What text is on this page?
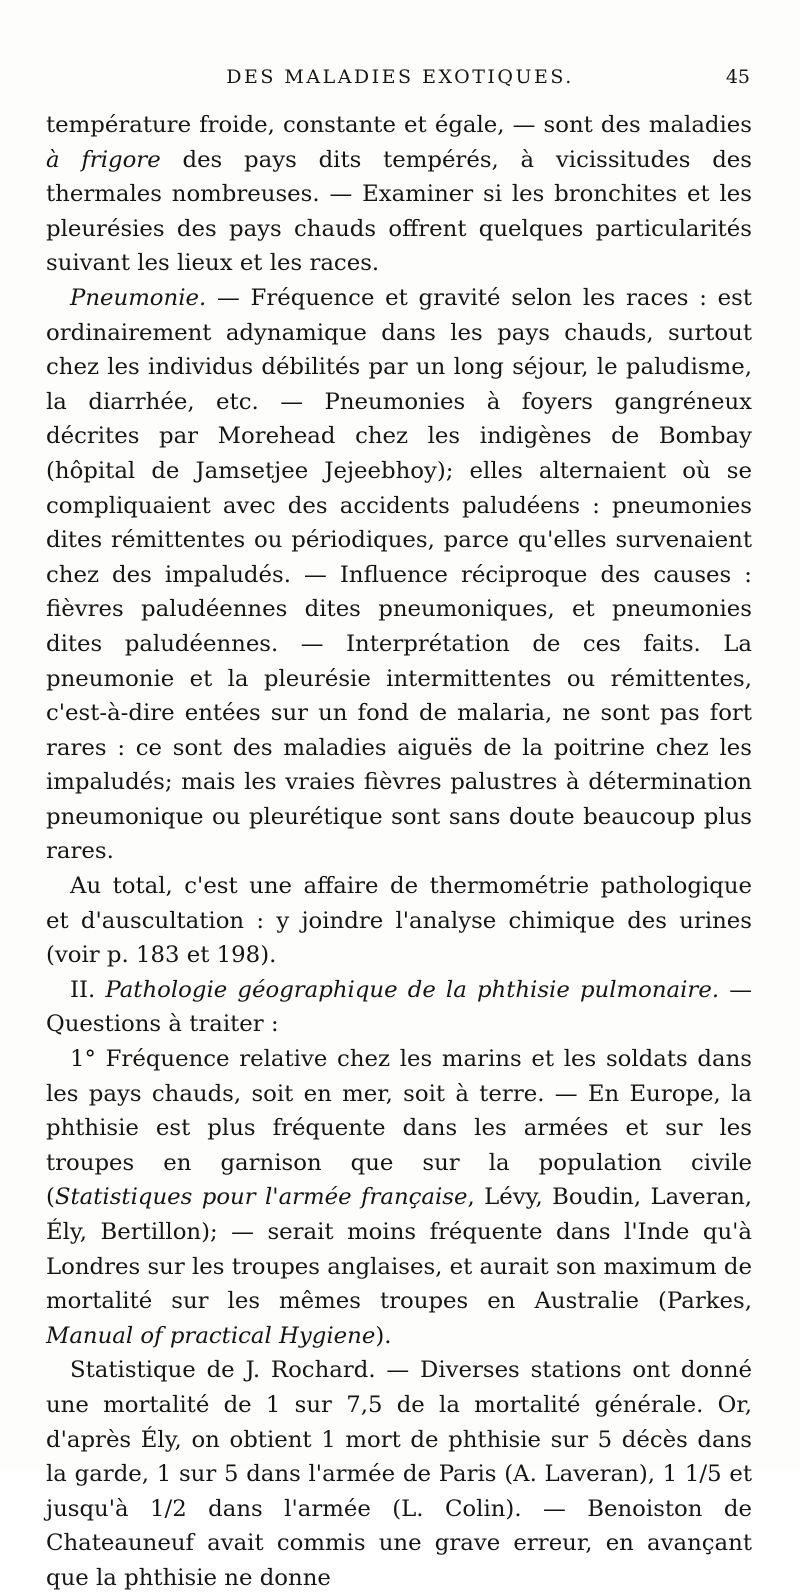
DES MALADIES EXOTIQUES.	45

température froide, constante et égale, — sont des maladies à frigore des pays dits tempérés, à vicissitudes des thermales nombreuses. — Examiner si les bronchites et les pleurésies des pays chauds offrent quelques particularités suivant les lieux et les races.

Pneumonie. — Fréquence et gravité selon les races : est ordinairement adynamique dans les pays chauds, surtout chez les individus débilités par un long séjour, le paludisme, la diarrhée, etc. — Pneumonies à foyers gangréneux décrites par Morehead chez les indigènes de Bombay (hôpital de Jamsetjee Jejeebhoy); elles alternaient où se compliquaient avec des accidents paludéens : pneumonies dites rémittentes ou périodiques, parce qu'elles survenaient chez des impaludés. — Influence réciproque des causes : fièvres paludéennes dites pneumoniques, et pneumonies dites paludéennes. — Interprétation de ces faits. La pneumonie et la pleurésie intermittentes ou rémittentes, c'est-à-dire entées sur un fond de malaria, ne sont pas fort rares : ce sont des maladies aiguës de la poitrine chez les impaludés; mais les vraies fièvres palustres à détermination pneumonique ou pleurétique sont sans doute beaucoup plus rares.

Au total, c'est une affaire de thermométrie pathologique et d'auscultation : y joindre l'analyse chimique des urines (voir p. 183 et 198).

II. Pathologie géographique de la phthisie pulmonaire. — Questions à traiter :

1° Fréquence relative chez les marins et les soldats dans les pays chauds, soit en mer, soit à terre. — En Europe, la phthisie est plus fréquente dans les armées et sur les troupes en garnison que sur la population civile (Statistiques pour l'armée française, Lévy, Boudin, Laveran, Ély, Bertillon); — serait moins fréquente dans l'Inde qu'à Londres sur les troupes anglaises, et aurait son maximum de mortalité sur les mêmes troupes en Australie (Parkes, Manual of practical Hygiene).

Statistique de J. Rochard. — Diverses stations ont donné une mortalité de 1 sur 7,5 de la mortalité générale. Or, d'après Ély, on obtient 1 mort de phthisie sur 5 décès dans la garde, 1 sur 5 dans l'armée de Paris (A. Laveran), 1 1/5 et jusqu'à 1/2 dans l'armée (L. Colin). — Benoiston de Chateauneuf avait commis une grave erreur, en avançant que la phthisie ne donne
